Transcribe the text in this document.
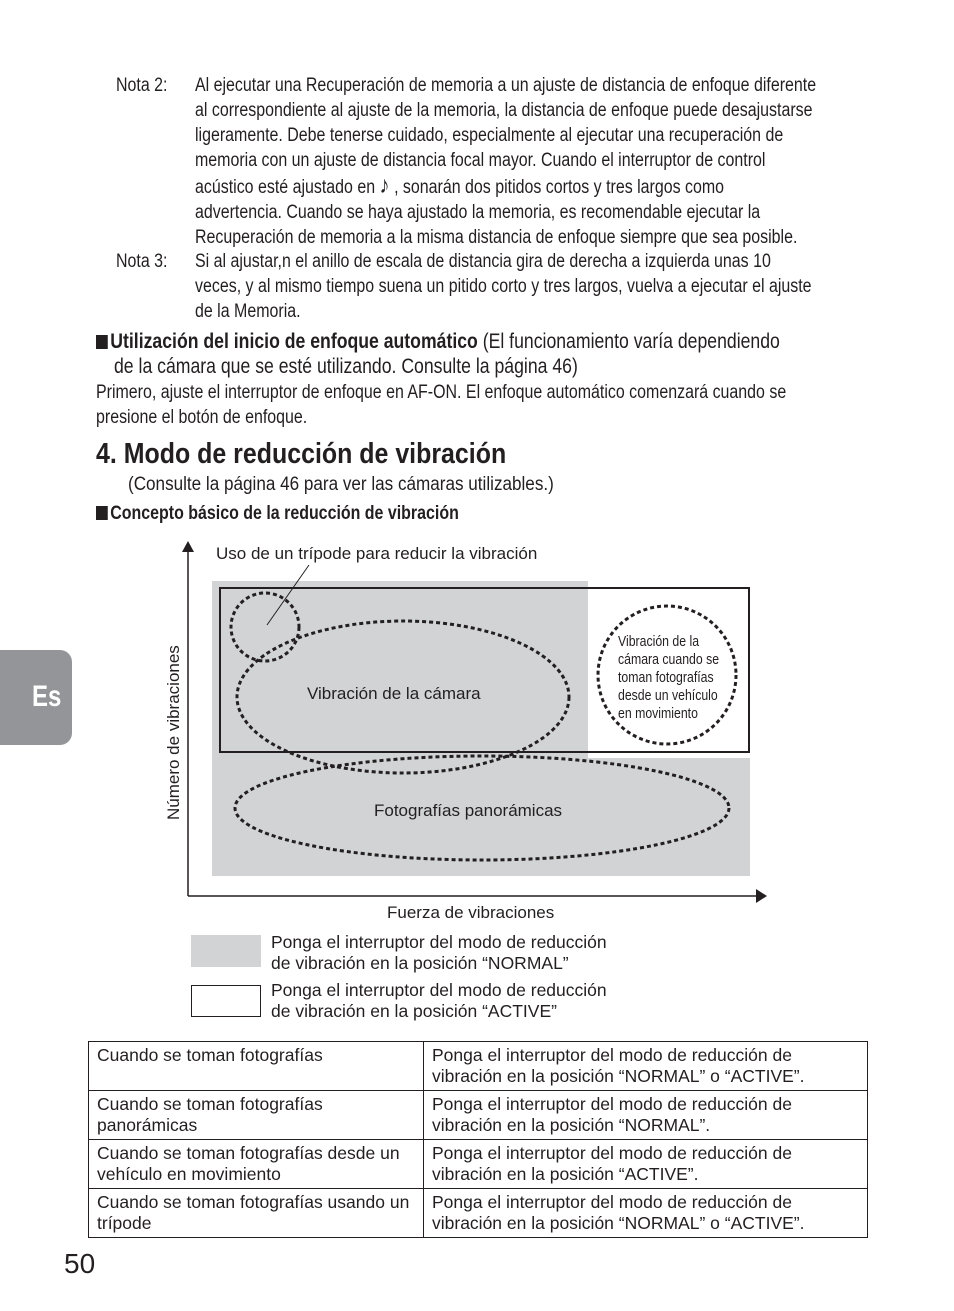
Es
Nota 2: Al ejecutar una Recuperación de memoria a un ajuste de distancia de enfoque diferente
al correspondiente al ajuste de la memoria, la distancia de enfoque puede desajustarse
ligeramente. Debe tenerse cuidado, especialmente al ejecutar una recuperación de
memoria con un ajuste de distancia focal mayor. Cuando el interruptor de control
acústico esté ajustado en ♪ , sonarán dos pitidos cortos y tres largos como
advertencia. Cuando se haya ajustado la memoria, es recomendable ejecutar la
Recuperación de memoria a la misma distancia de enfoque siempre que sea posible.
Nota 3: Si al ajustar,n el anillo de escala de distancia gira de derecha a izquierda unas 10
veces, y al mismo tiempo suena un pitido corto y tres largos, vuelva a ejecutar el ajuste
de la Memoria.
Utilización del inicio de enfoque automático (El funcionamiento varía dependiendo
de la cámara que se esté utilizando. Consulte la página 46)
Primero, ajuste el interruptor de enfoque en AF-ON. El enfoque automático comenzará cuando se
presione el botón de enfoque.
4. Modo de reducción de vibración
(Consulte la página 46 para ver las cámaras utilizables.)
Concepto básico de la reducción de vibración
Uso de un trípode para reducir la vibración
Vibración de la cámara
Fotografías panorámicas
Fuerza de vibraciones
Número de vibraciones
Vibración de la
cámara cuando se
toman fotografías
desde un vehículo
en movimiento
Ponga el interruptor del modo de reducción
de vibración en la posición “NORMAL”
Ponga el interruptor del modo de reducción
de vibración en la posición “ACTIVE”
Cuando se toman fotografías	Ponga el interruptor del modo de reducción de vibración en la posición “NORMAL” o “ACTIVE”.
Cuando se toman fotografías panorámicas	Ponga el interruptor del modo de reducción de vibración en la posición “NORMAL”.
Cuando se toman fotografías desde un vehículo en movimiento	Ponga el interruptor del modo de reducción de vibración en la posición “ACTIVE”.
Cuando se toman fotografías usando un trípode	Ponga el interruptor del modo de reducción de vibración en la posición “NORMAL” o “ACTIVE”.
50
